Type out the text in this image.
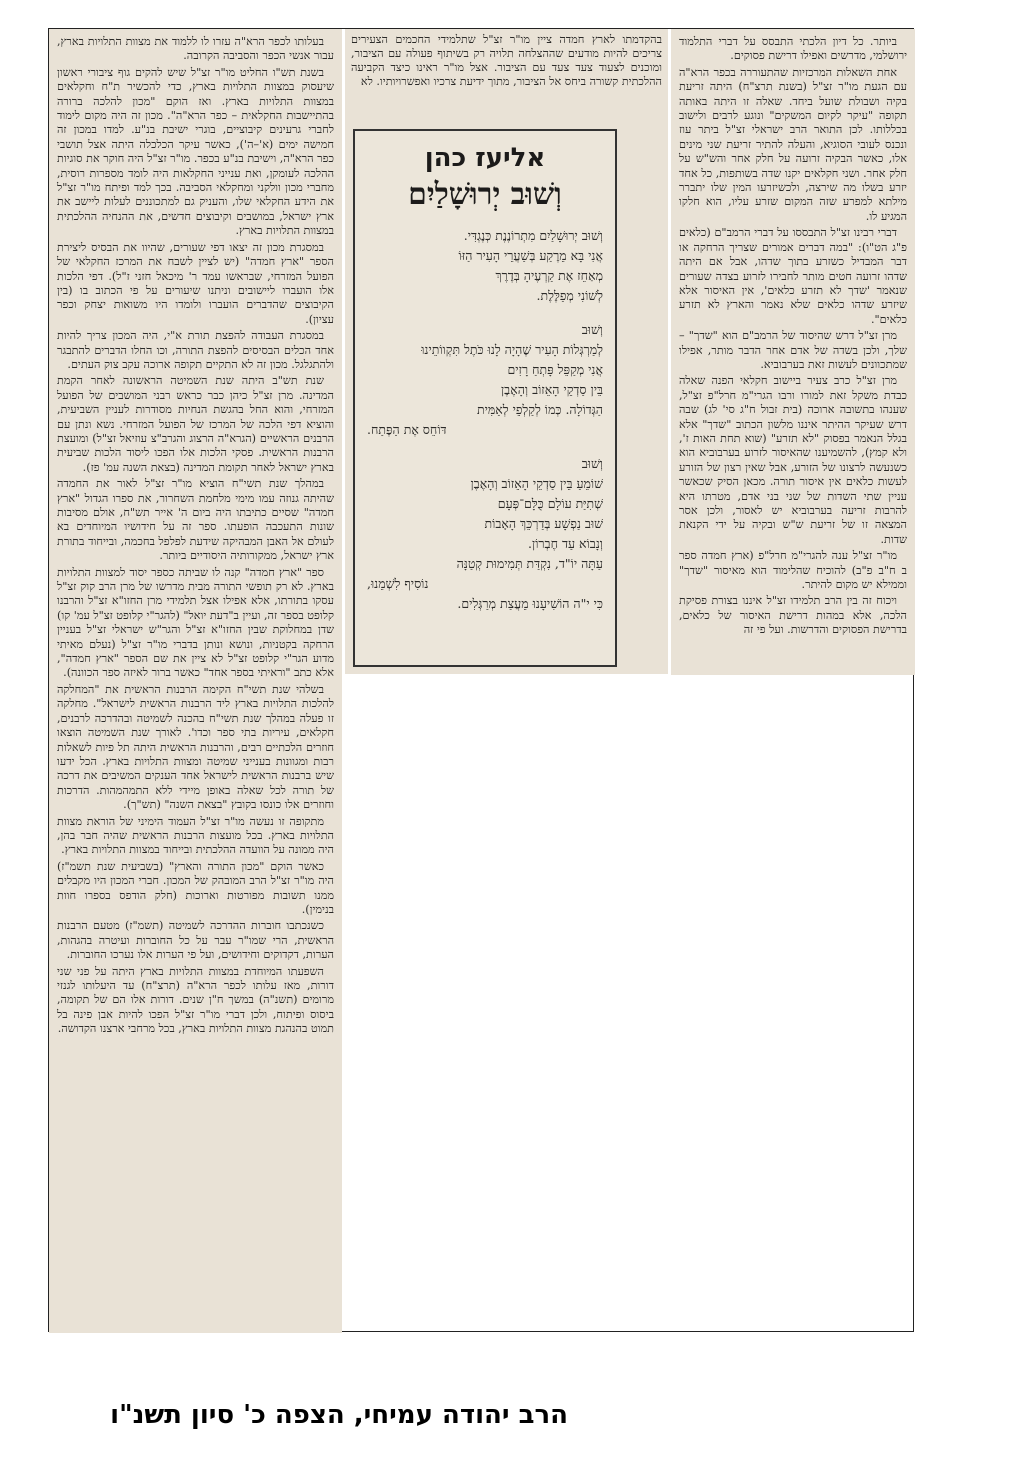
ביותר. כל דיון הלכתי התבסס על דברי התלמוד ירושלמי, מדרשים ואפילו דרישת פסוקים.

אחת השאלות המרכזיות שהתעוררה בכפר הרא"ה עם הגעת מו"ר זצ"ל (בשנת תרצ"ח) היתה זריעת בקיה ושבולת שועל ביחד. שאלה זו היתה באותה תקופה "עיקר לקיום המשקים" ונוגע לרבים ולישוב בכללותו. לכן התואר הרב ישראלי זצ"ל ביתר עוז ונכנס לעובי הסוגיא, והעלה להתיר זריעת שני מינים אלו, כאשר הבקיה זרועה על חלק אחר והש"ש על חלק אחר. ושני חקלאים יקנו שדה בשותפות, כל אחד יזרע בשלו מה שירצה, ולכשיזרעו המין שלו יתברר מילתא למפרע שזה המקום שזרע עליו, הוא חלקו המגיע לו.

דברי רבינו זצ"ל התבססו על דברי הרמב"ם (כלאים פ"ג הט"ו): "במה דברים אמורים שצריך הרחקה או דבר המבדיל כשזרע בתוך שדהו, אבל אם היתה שדהו זרועה חטים מותר לחבירו לזרוע בצדה שעורים שנאמר 'שדך לא תזרע כלאים', אין האיסור אלא שיזרע שדהו כלאים שלא נאמר והארץ לא תזרע כלאים".

מרן זצ"ל דרש שהיסוד של הרמב"ם הוא "שדך" – שלך, ולכן בשדה של אדם אחר הדבר מותר, אפילו שמתכוונים לעשות זאת בערבוביא.

מרן זצ"ל כרב צעיר ביישוב חקלאי הפנה שאלה כבדת משקל זאת למורו ורבו הגרי"מ חרל"פ זצ"ל, שענהו בתשובה ארוכה (בית זבול ח"ג סי' לג) שבה דרש שעיקר ההיתר איננו מלשון הכתוב "שדך" אלא בגלל הנאמר בפסוק "לא תזרע" (שוא תחת האות ז', ולא קמץ), להשמיענו שהאיסור לזרוע בערבוביא הוא כשנעשה לרצונו של הזורע, אבל שאין רצון של הזורע לעשות כלאים אין איסור תורה. מכאן הסיק שכאשר עניין שתי השדות של שני בני אדם, מטרתו היא להרבות זריעה בערבוביא יש לאסור, ולכן אסר המצאה זו של זריעת ש"ש ובקיה על ידי הקנאת שדות.

מו"ר זצ"ל ענה להגרי"מ חרל"פ (ארץ חמדה ספר ב ח"ב פ"ב) להוכיח שהלימוד הוא מאיסור "שדך" וממילא יש מקום להיתר.

ויכוח זה בין הרב תלמידו זצ"ל איננו בצורת פסיקת הלכה, אלא במהות דרישת האיסור של כלאים, בדרישת הפסוקים והדרשות. ועל פי זה

בהקדמתו לארץ חמדה ציין מו"ר זצ"ל שתלמידי החכמים הצעירים צריכים להיות מודעים שההצלחה תלויה רק בשיתוף פעולה עם הציבור, ומוכנים לצעוד צעד צעד עם הציבור. אצל מו"ר ראינו כיצד הקביעה ההלכתית קשורה ביחס אל הציבור, מתוך ידיעת צרכיו ואפשרויותיו. לא

אליעז כהן
וְשׁוּב יְרוּשָׁלַיִם
וְשׁוּב יְרוּשָׁלַיִם מִתְרוֹנֶנֶת כְּנֶגְדִּי.
אֲנִי בָּא מֵרֶקַע בְּשַׁעֲרֵי הָעִיר הַזּוֹ
מְאַחֵז אֶת קַרְעֶיהָ בְּדֶרֶךְ
לְשׁוֹנִי מְפַלֶּלֶת.
וְשׁוּב
לְמַרְגְּלוֹת הָעִיר שֶׁהָיָה לָנוּ כֹּתֶל תִּקְווֹתֵינוּ
אֲנִי מְקַפֵּל פָּתְחַ רָזִים
בֵּין סַדְקֵי הָאֵזוֹב וְהָאֶבֶן
הַגְּדוֹלָה. כְּמוֹ לְקַלְפֵי לְאַמִּית
דּוֹחֵס אֶת הַפֶּתַח.
וְשׁוּב
שׁוֹמֵעַ בֵּין סַדְקֵי הָאֵזוֹב וְהָאֶבֶן
שְׁתִיַּת עוֹלָם כֻּלָּם־פְּעָם
שׁוּב נַפְשָׁע בְּדַרְכֵּךְ הָאָבוֹת
וְנָבוֹא עַד חֶבְרוֹן.
עַתָּה יוֹ"ד, נִקְדַּת תְּמִימוּת קְטַנָּה
נוֹסִיף לִשְׁמֵנוּ,
כִּי י"ה הוֹשִׁיעָנוּ מֵעֲצַת מְרַגְּלִים.

בעלותו לכפר הרא"ה עזרו לו ללמוד את מצוות התלויות בארץ, עבור אנשי הכפר והסביבה הקרובה.

בשנת תש"ו החליט מו"ר זצ"ל שיש להקים גוף ציבורי ראשון שיעסוק במצוות התלויות בארץ, כדי להכשיר ת"ח וחקלאים במצוות התלויות בארץ. ואז הוקם "מכון להלכה ברורה בהתיישבות החקלאית – כפר הרא"ה". מכון זה היה מקום לימוד לחברי גרעינים קיבוציים, בוגרי ישיבת בנ"ע. למדו במכון זה חמישה ימים (א'–ה'), כאשר עיקר הכלכלה היתה אצל תושבי כפר הרא"ה, וישיבת בנ"ע בכפר. מו"ר זצ"ל היה חוקר את סוגיות ההלכה לעומקן, ואת ענייני החקלאות היה לומד מספרות רוסית, מחברי מכון וולקני ומחקלאי הסביבה. בכך למד ופיתח מו"ר זצ"ל את הידע החקלאי שלו, והעניק גם למתכוננים לעלות ליישב את ארץ ישראל, במושבים וקיבוצים חדשים, את ההנחיה ההלכתית במצוות התלויות בארץ.

במסגרת מכון זה יצאו דפי שעורים, שהיוו את הבסיס ליצירת הספר "ארץ חמדה" (יש לציין לשבח את המרכז החקלאי של הפועל המזרחי, שבראשו עמד ר' מיכאל חזני ז"ל). דפי הלכות אלו הועברו ליישובים וניתנו שיעורים על פי הכתוב בו (בין הקיבוצים שהדברים הועברו ולומדו היו משואות יצחק וכפר עציון).

במסגרת העבודה להפצת תורת א"י, היה המכון צריך להיות אחד הכלים הבסיסים להפצת התורה, וכו החלו הדברים להתבגר ולהתגלגל. מכון זה לא התקיים תקופה ארוכה עקב צוק העתים.

שנת תש"ב היתה שנת השמיטה הראשונה לאחר הקמת המדינה. מרן זצ"ל כיהן כבר כראש רבני המושבים של הפועל המזרחי, והוא החל בהגשת הנחיות מסודרות לעניין השביעית, והוציא דפי הלכה של המרכז של הפועל המזרחי. נשא ונתן עם הרבנים הראשיים (הגרא"ה הרצוג והגרב"צ עוזיאל זצ"ל) ומועצת הרבנות הראשית. פסקי הלכות אלו הפכו ליסוד הלכות שביעית בארץ ישראל לאחר תקומת המדינה (בצאת השנה עמ' פז).

במהלך שנת תשי"ח הוציא מו"ר זצ"ל לאור את החמדה שהיתה גנוזה עמו מימי מלחמת השחרור, את ספרו הגדול "ארץ חמדה" שסיים כתיבתו היה ביום ה' אייר תש"ח, אולם מסיבות שונות התעכבה הופעתו. ספר זה על חידושיו המיוחדים בא לעולם אל האבן המבהיקה שידעת לפלפל בחכמה, ובייחוד בתורת ארץ ישראל, ממקורותיה היסודיים ביותר.

ספר "ארץ חמדה" קנה לו שביתה כספר יסוד למצוות התלויות בארץ. לא רק תופשי התורה מבית מדרשו של מרן הרב קוק זצ"ל עסקו בתורתו, אלא אפילו אצל תלמידי מרן החזו"א זצ"ל והרבנו קלופט בספר זה, ועיין ב"דעת יואל" (להגר"י קלופט זצ"ל עמ' קו) שדן במחלוקת שבין החזו"א זצ"ל והגר"ש ישראלי זצ"ל בעניין הרחקה בקטניות, ונושא ונותן בדברי מו"ר זצ"ל (נעלם מאיתי מדוע הגר"י קלופט זצ"ל לא ציין את שם הספר "ארץ חמדה", אלא כתב "וראיתי בספר אחד" כאשר ברור לאיזה ספר הכוונה).

בשלהי שנת תשי"ח הקימה הרבנות הראשית את "המחלקה להלכות התלויות בארץ ליד הרבנות הראשית לישראל". מחלקה זו פעלה במהלך שנת תשי"ח בהכנה לשמיטה ובהדרכה לרבנים, חקלאים, עיריות בתי ספר וכדו'. לאורך שנת השמיטה הוצאו חוזרים הלכתיים רבים, והרבנות הראשית היתה תל פיות לשאלות רבות ומגוונות בענייני שמיטה ומצוות התלויות בארץ. הכל ידעו שיש ברבנות הראשית לישראל אחד הענקים המשיבים את דרכה של תורה לכל שאלה באופן מיידי ללא התמהמהות. הדרכות וחוזרים אלו כונסו בקובץ "בצאת השנה" (תש"ך).

מתקופה זו נעשה מו"ר זצ"ל העמוד הימיני של הוראת מצוות התלויות בארץ. בכל מועצות הרבנות הראשית שהיה חבר בהן, היה ממונה על הוועדה ההלכתית ובייחוד במצוות התלויות בארץ.

כאשר הוקם "מכון התורה והארץ" (בשביעית שנת תשמ"ז) היה מו"ר זצ"ל הרב המובהק של המכון. חברי המכון היו מקבלים ממנו תשובות מפורטות וארוכות (חלק הודפס בספרו חוות בנימין).

כשנכתבו חוברות ההדרכה לשמיטה (תשמ"ז) מטעם הרבנות הראשית, הרי שמו"ר עבר על כל החוברות ועיטרה בהגהות, הערות, דקדוקים וחידושים, ועל פי הערות אלו נערכו החוברות.

השפעתו המיוחדת במצוות התלויות בארץ היתה על פני שני דורות, מאז עלותו לכפר הרא"ה (תרצ"ח) עד היעלותו לגנזי מרומים (תשנ"ה) במשך ח"ן שנים. דורות אלו הם של תקומה, ביסוס ופיתוח, ולכן דברי מו"ר זצ"ל הפכו להיות אבן פינה בל תמוט בהנהגת מצוות התלויות בארץ, בכל מרחבי ארצנו הקדושה.

הרב יהודה עמיחי, הצפה כ' סיון תשנ"ו
